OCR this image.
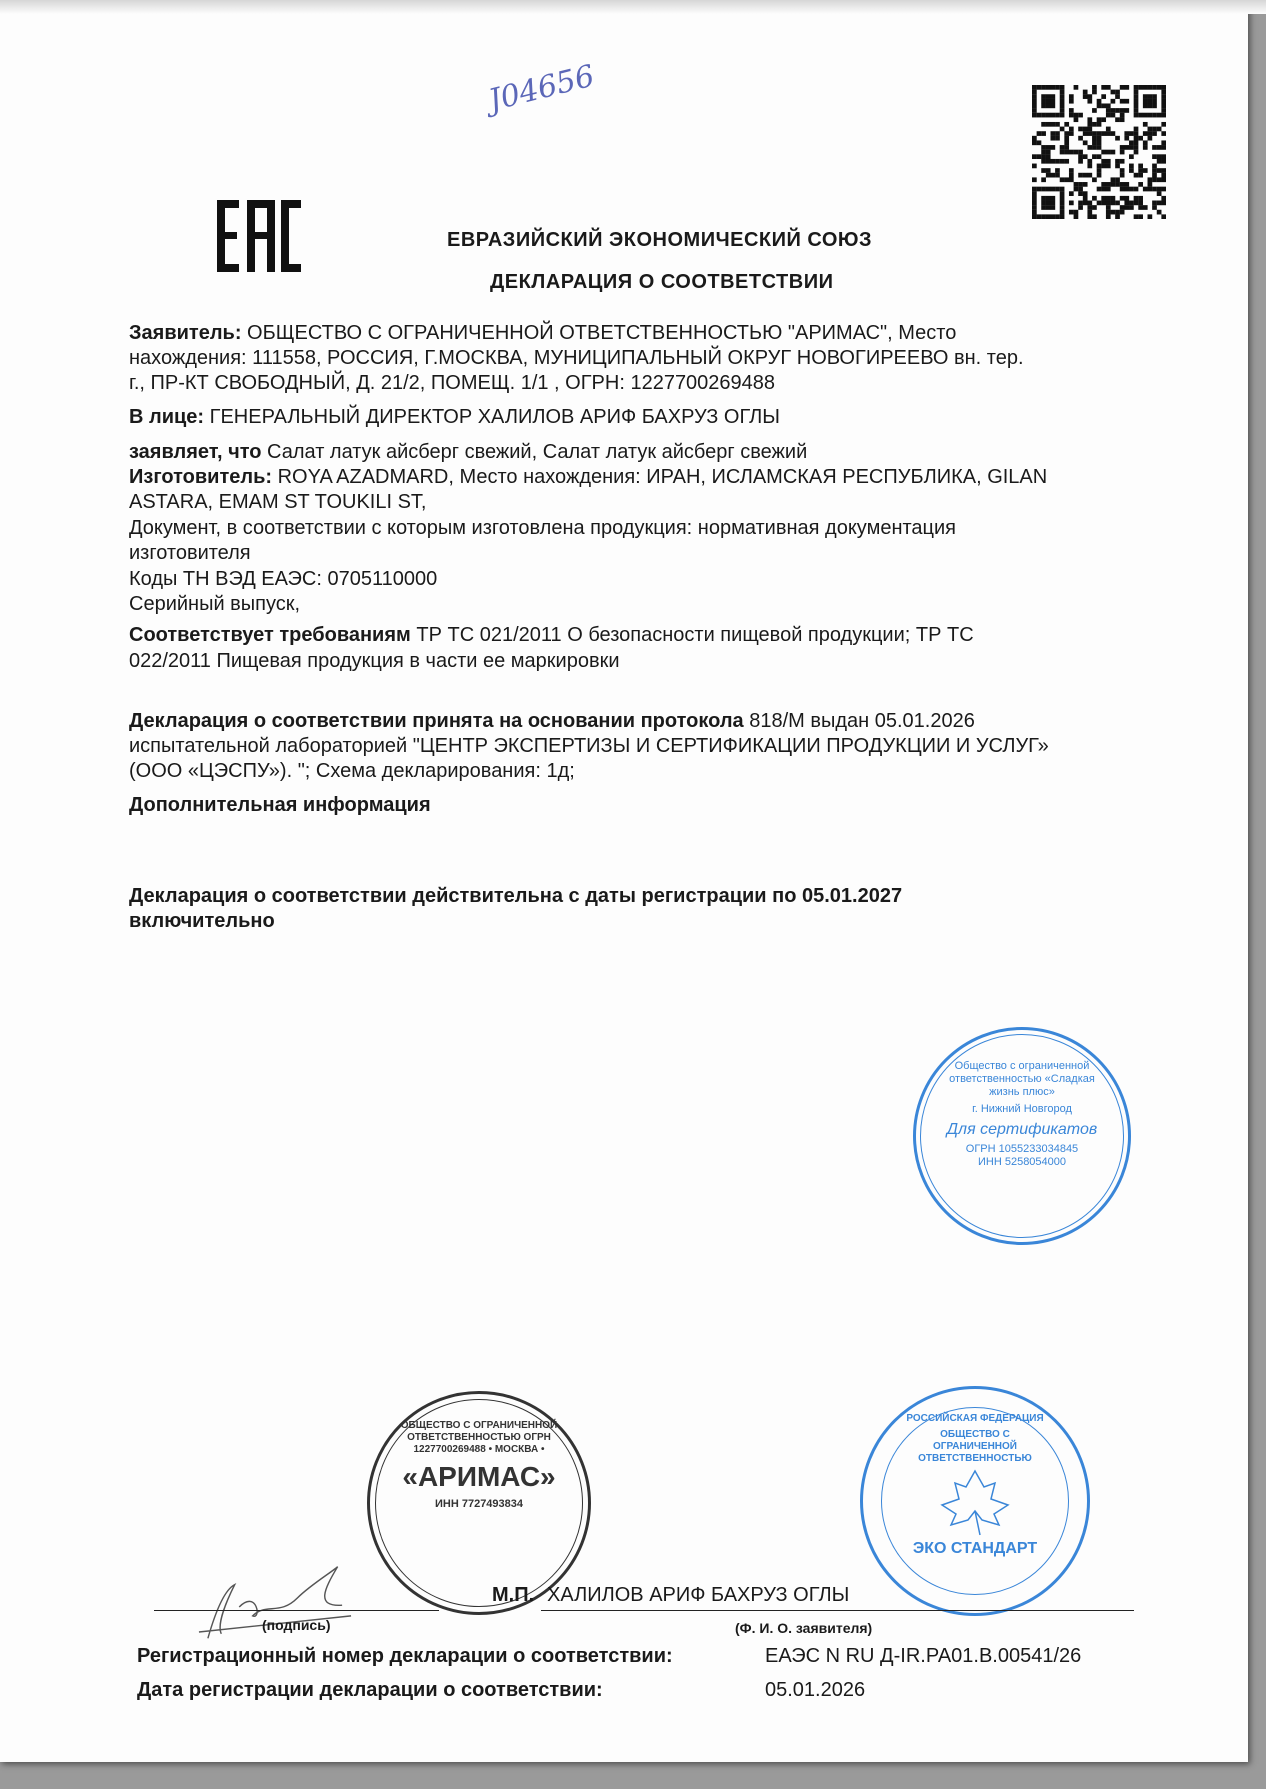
J04656
ЕВРАЗИЙСКИЙ ЭКОНОМИЧЕСКИЙ СОЮЗ
ДЕКЛАРАЦИЯ О СООТВЕТСТВИИ
Заявитель: ОБЩЕСТВО С ОГРАНИЧЕННОЙ ОТВЕТСТВЕННОСТЬЮ "АРИМАС", Место
нахождения: 111558, РОССИЯ, Г.МОСКВА, МУНИЦИПАЛЬНЫЙ ОКРУГ НОВОГИРЕЕВО вн. тер.
г., ПР-КТ СВОБОДНЫЙ, Д. 21/2, ПОМЕЩ. 1/1 , ОГРН: 1227700269488
В лице: ГЕНЕРАЛЬНЫЙ ДИРЕКТОР ХАЛИЛОВ АРИФ БАХРУЗ ОГЛЫ
заявляет, что Салат латук айсберг свежий, Салат латук айсберг свежий
Изготовитель: ROYA AZADMARD, Место нахождения: ИРАН, ИСЛАМСКАЯ РЕСПУБЛИКА, GILAN
ASTARA, EMAM ST TOUKILI ST,
Документ, в соответствии с которым изготовлена продукция: нормативная документация
изготовителя
Коды ТН ВЭД ЕАЭС: 0705110000
Серийный выпуск,
Соответствует требованиям ТР ТС 021/2011 О безопасности пищевой продукции; ТР ТС
022/2011 Пищевая продукция в части ее маркировки
Декларация о соответствии принята на основании протокола 818/М выдан 05.01.2026
испытательной лабораторией "ЦЕНТР ЭКСПЕРТИЗЫ И СЕРТИФИКАЦИИ ПРОДУКЦИИ И УСЛУГ»
(ООО «ЦЭСПУ»). "; Схема декларирования: 1д;
Дополнительная информация
Декларация о соответствии действительна с даты регистрации по 05.01.2027
включительно
Общество с ограниченной ответственностью «Сладкая жизнь плюс»
г. Нижний Новгород
Для сертификатов
ОГРН 1055233034845
ИНН 5258054000
ОБЩЕСТВО С ОГРАНИЧЕННОЙ ОТВЕТСТВЕННОСТЬЮ ОГРН 1227700269488 • МОСКВА •
«АРИМАС»
ИНН 7727493834
РОССИЙСКАЯ ФЕДЕРАЦИЯ
ОБЩЕСТВО С ОГРАНИЧЕННОЙ ОТВЕТСТВЕННОСТЬЮ
ЭКО СТАНДАРТ
М.П. ХАЛИЛОВ АРИФ БАХРУЗ ОГЛЫ
(подпись)	(Ф. И. О. заявителя)
Регистрационный номер декларации о соответствии:	ЕАЭС N RU Д-IR.РА01.В.00541/26
Дата регистрации декларации о соответствии:	05.01.2026
